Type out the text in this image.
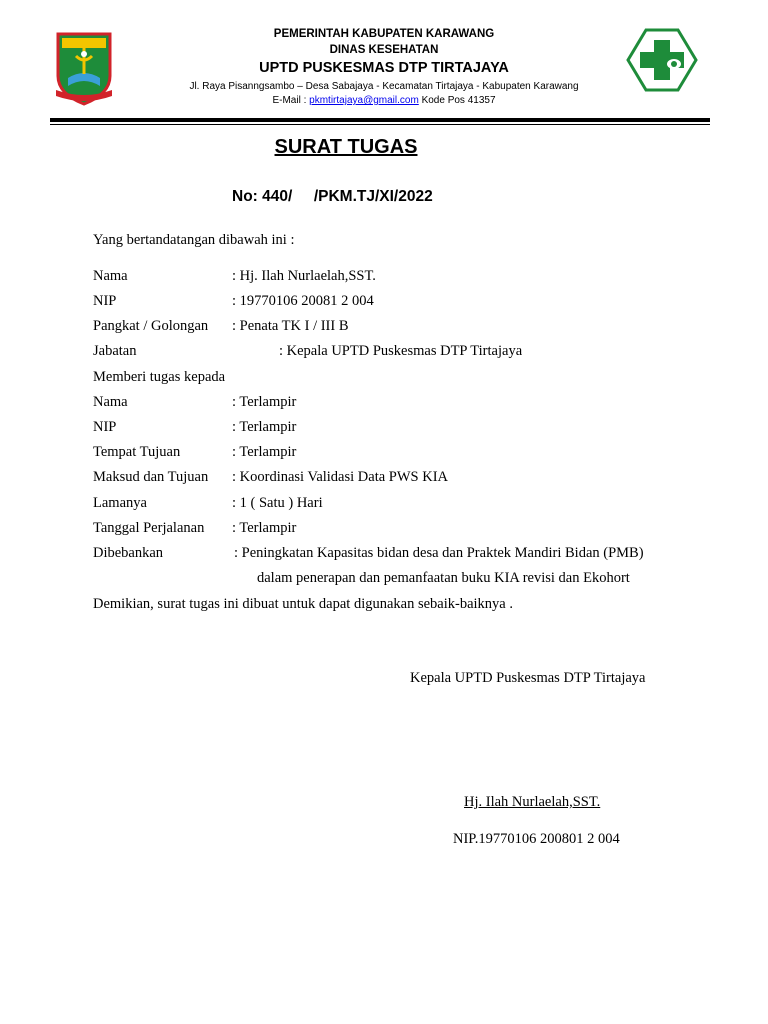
PEMERINTAH KABUPATEN KARAWANG
DINAS KESEHATAN
UPTD PUSKESMAS DTP TIRTAJAYA
Jl. Raya Pisanngsambo – Desa Sabajaya - Kecamatan Tirtajaya - Kabupaten Karawang
E-Mail : pkmtirtajaya@gmail.com Kode Pos 41357
SURAT TUGAS
No: 440/     /PKM.TJ/XI/2022
Yang bertandatangan dibawah ini :
Nama	: Hj. Ilah Nurlaelah,SST.
NIP	: 19770106 20081 2 004
Pangkat / Golongan : Penata TK I / III B
Jabatan	: Kepala UPTD Puskesmas DTP Tirtajaya
Memberi tugas kepada
Nama	: Terlampir
NIP	: Terlampir
Tempat Tujuan	: Terlampir
Maksud dan Tujuan : Koordinasi Validasi Data PWS KIA
Lamanya	: 1 ( Satu ) Hari
Tanggal Perjalanan : Terlampir
Dibebankan	: Peningkatan Kapasitas bidan desa dan Praktek Mandiri Bidan (PMB)
dalam penerapan dan pemanfaatan buku KIA revisi dan Ekohort
Demikian, surat tugas ini dibuat untuk dapat digunakan sebaik-baiknya .
Kepala UPTD Puskesmas DTP Tirtajaya
Hj. Ilah Nurlaelah,SST.
NIP.19770106 200801 2 004
